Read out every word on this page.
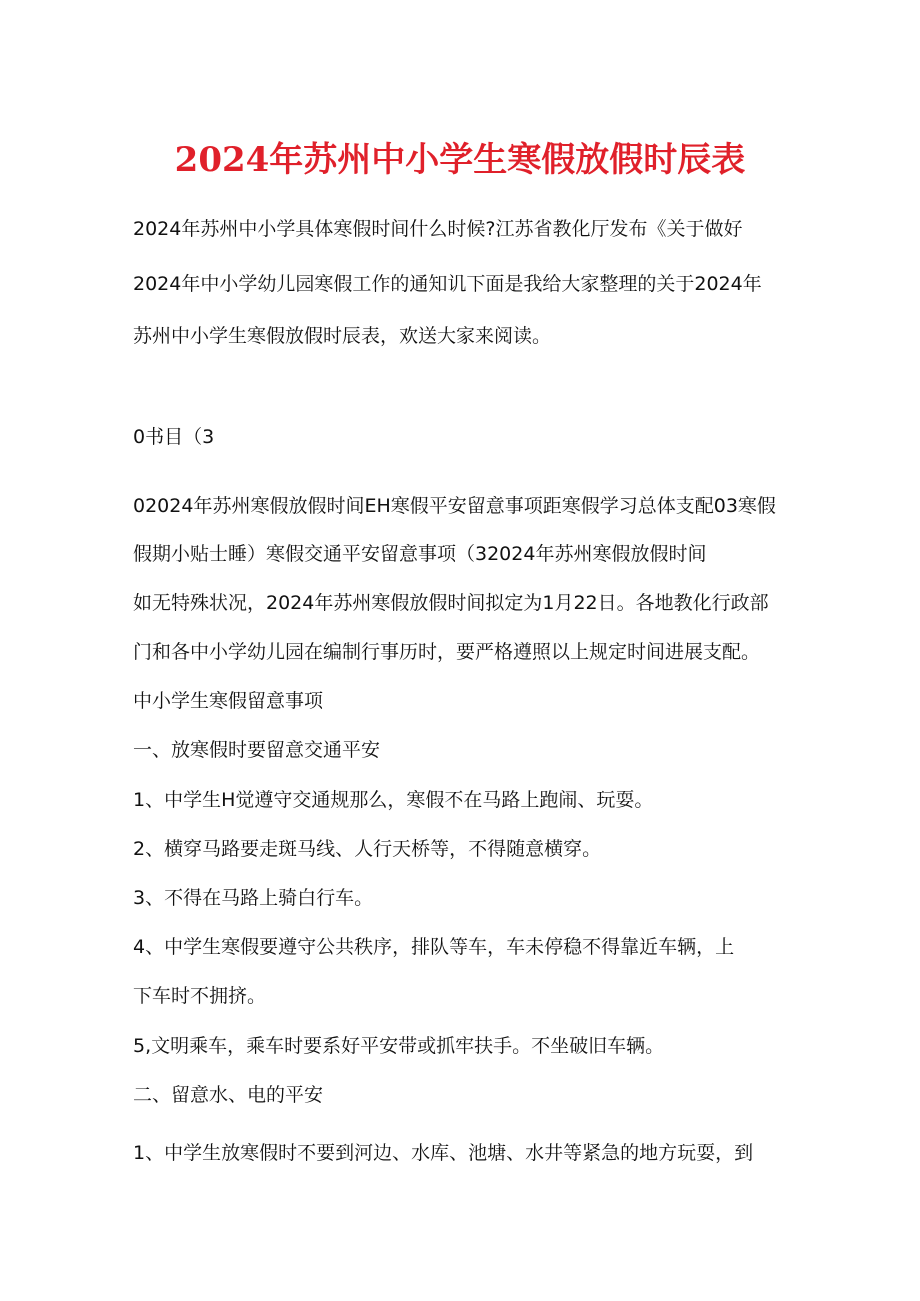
2024年苏州中小学生寒假放假时辰表

2024年苏州中小学具体寒假时间什么时候?江苏省教化厅发布《关于做好

2024年中小学幼儿园寒假工作的通知讥下面是我给大家整理的关于2024年

苏州中小学生寒假放假时辰表，欢送大家来阅读。

0书目（3

02024年苏州寒假放假时间EH寒假平安留意事项距寒假学习总体支配03寒假

假期小贴士睡）寒假交通平安留意事项（32024年苏州寒假放假时间

如无特殊状况，2024年苏州寒假放假时间拟定为1月22日。各地教化行政部

门和各中小学幼儿园在编制行事历时，要严格遵照以上规定时间进展支配。

中小学生寒假留意事项

一、放寒假时要留意交通平安

1、中学生H觉遵守交通规那么，寒假不在马路上跑闹、玩耍。

2、横穿马路要走斑马线、人行天桥等，不得随意横穿。

3、不得在马路上骑白行车。

4、中学生寒假要遵守公共秩序，排队等车，车未停稳不得靠近车辆，上

下车时不拥挤。

5,文明乘车，乘车时要系好平安带或抓牢扶手。不坐破旧车辆。

二、留意水、电的平安

1、中学生放寒假时不要到河边、水库、池塘、水井等紧急的地方玩耍，到
